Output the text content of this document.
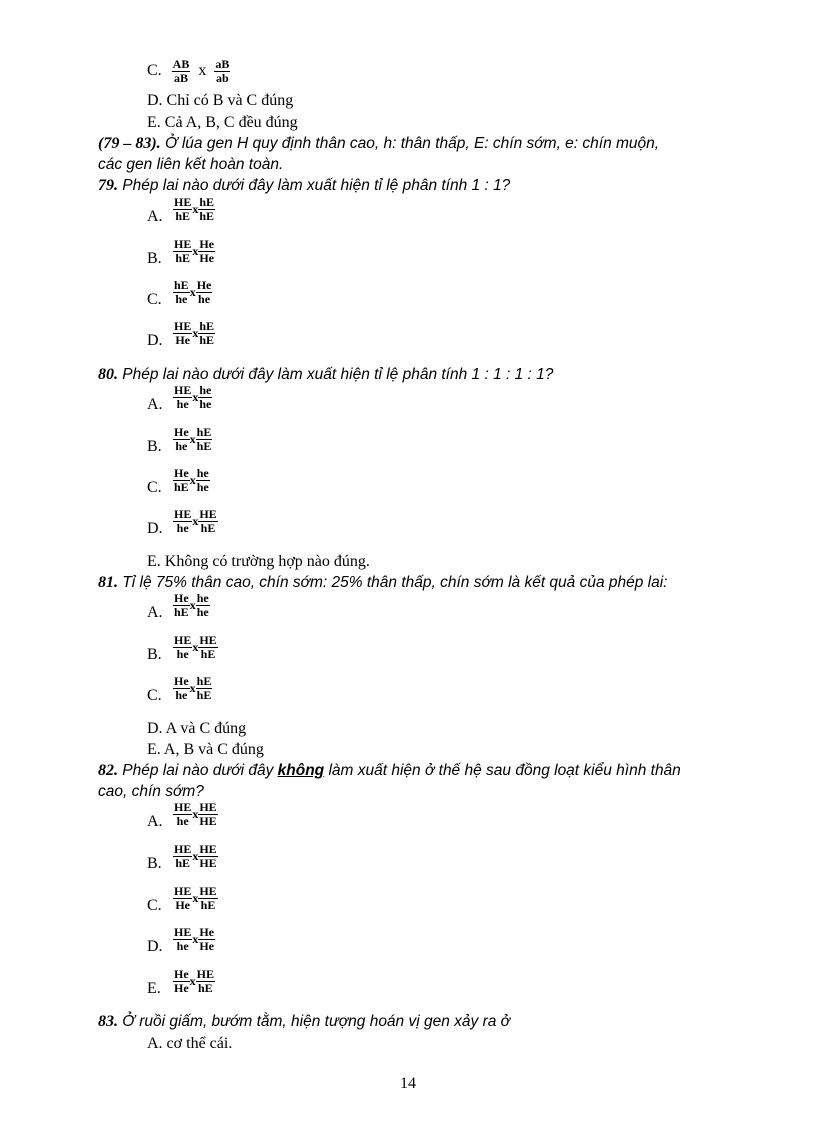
C. $\frac{AB}{aB}$ x $\frac{aB}{ab}$
D. Chỉ có B và C đúng
E. Cả A, B, C đều đúng
(79 – 83). Ở lúa gen H quy định thân cao, h: thân thấp, E: chín sớm, e: chín muộn,
các gen liên kết hoàn toàn.
79. Phép lai nào dưới đây làm xuất hiện tỉ lệ phân tính 1 : 1?
A. $\frac{HE}{hE}$ x $\frac{hE}{hE}$
B. $\frac{HE}{hE}$ x $\frac{He}{He}$
C. $\frac{hE}{he}$ x $\frac{He}{he}$
D. $\frac{HE}{He}$ x $\frac{hE}{hE}$
80. Phép lai nào dưới đây làm xuất hiện tỉ lệ phân tính 1 : 1 : 1 : 1?
A. $\frac{HE}{he}$ x $\frac{he}{he}$
B. $\frac{He}{he}$ x $\frac{hE}{hE}$
C. $\frac{He}{hE}$ x $\frac{he}{he}$
D. $\frac{HE}{he}$ x $\frac{HE}{hE}$
E. Không có trường hợp nào đúng.
81. Tỉ lệ 75% thân cao, chín sớm: 25% thân thấp, chín sớm là kết quả của phép lai:
A. $\frac{He}{hE}$ x $\frac{he}{he}$
B. $\frac{HE}{he}$ x $\frac{HE}{hE}$
C. $\frac{He}{he}$ x $\frac{hE}{hE}$
D. A và C đúng
E. A, B và C đúng
82. Phép lai nào dưới đây không làm xuất hiện ở thế hệ sau đồng loạt kiểu hình thân
cao, chín sớm?
A. $\frac{HE}{he}$ x $\frac{HE}{HE}$
B. $\frac{HE}{hE}$ x $\frac{HE}{HE}$
C. $\frac{HE}{He}$ x $\frac{HE}{hE}$
D. $\frac{HE}{he}$ x $\frac{He}{He}$
E. $\frac{He}{He}$ x $\frac{HE}{hE}$
83. Ở ruồi giấm, bướm tằm, hiện tượng hoán vị gen xảy ra ở
A. cơ thể cái.
14
